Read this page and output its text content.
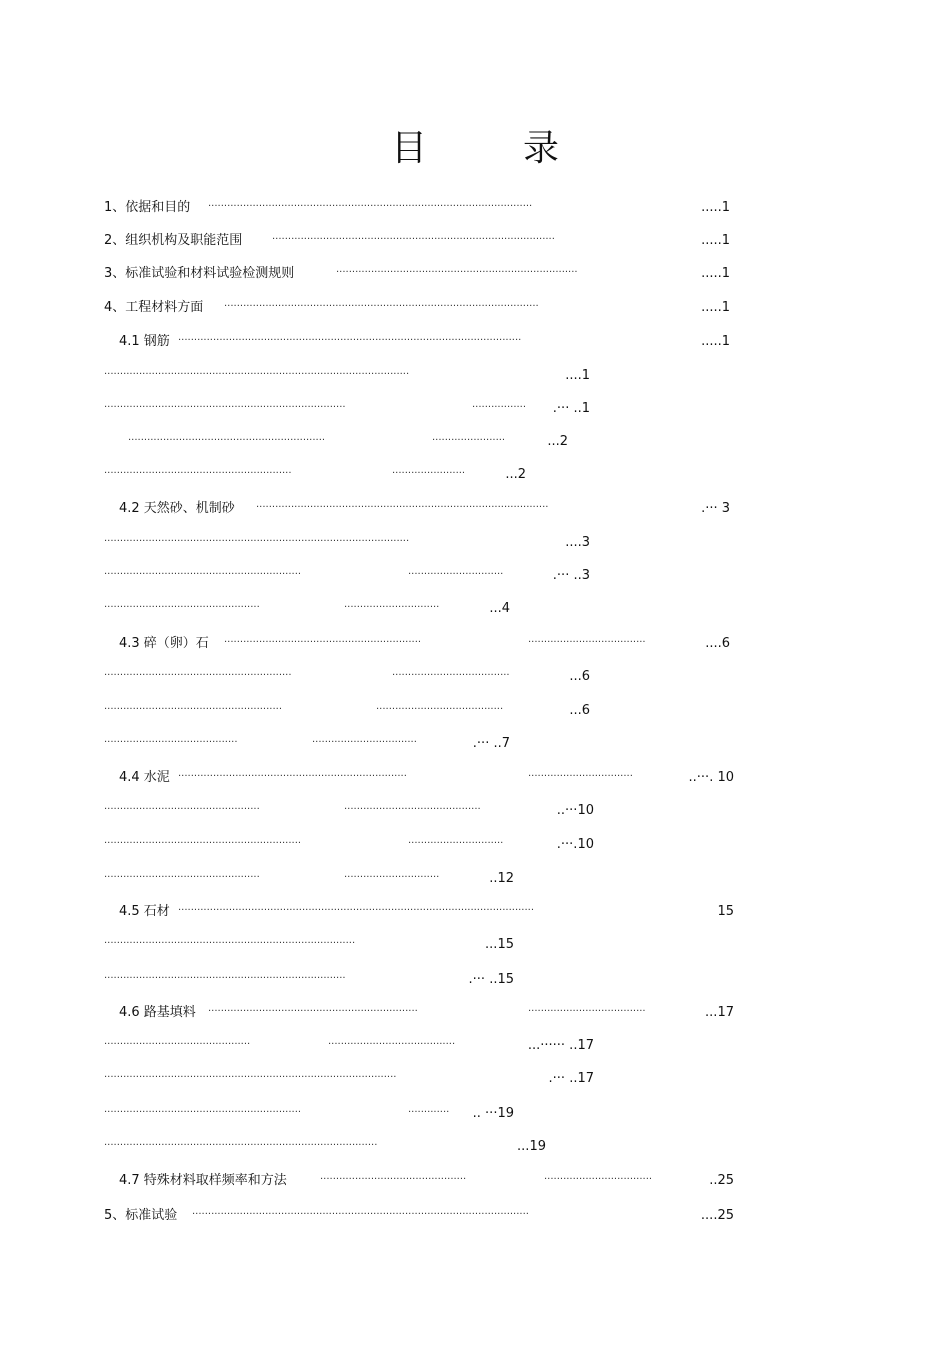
目	录
1、依据和目的 ······································································································	.....1
2、组织机构及职能范围	·························································································	.....1
3、标准试验和材料试验检测规则	············································································	.....1
4、工程材料方面 ···································································································	.....1
4.1 钢筋 ············································································································	.....1
································································································	....1
············································································	·················	.··· ..1
······························································	·······················	...2
···························································	·······················	...2
4.2 天然砂、机制砂 ····························································································	.··· 3
································································································	....3
······························································	······························	.··· ..3
·················································	······························	...4
4.3 碎（卵）石 ······························································	·····································	....6
···························································	·····································	...6
························································	········································	...6
··········································	·································	.··· ..7
4.4 水泥 ········································································	·································	..···. 10
·················································	···········································	..···10
······························································	······························	.···.10
·················································	······························	..12
4.5 石材 ················································································································	15
···············································································	...15
············································································	.··· ..15
4.6 路基填料 ··································································	·····································	...17
··············································	········································	...······ ..17
····························································································	.··· ..17
······························································	·············	.. ···19
······················································································	...19
4.7 特殊材料取样频率和方法	··············································	··································	..25
5、标准试验 ··········································································································	....25
